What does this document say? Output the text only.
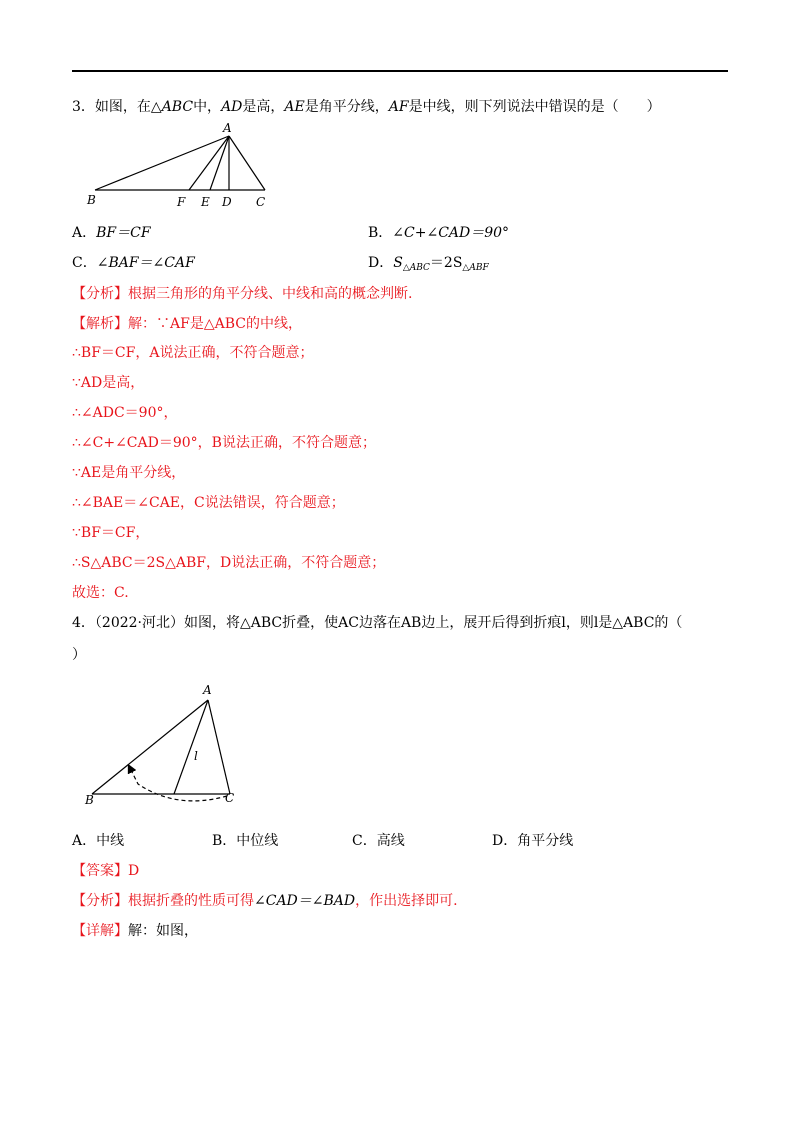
3．如图，在△ABC中，AD是高，AE是角平分线，AF是中线，则下列说法中错误的是（　　）
A
B	F E D C
A．BF＝CF	B．∠C+∠CAD＝90°
C．∠BAF＝∠CAF	D．$S_{\triangle ABC}=2S_{\triangle ABF}$
【分析】根据三角形的角平分线、中线和高的概念判断.
【解析】解：∵AF是△ABC的中线，
∴BF＝CF，A说法正确，不符合题意；
∵AD是高，
∴∠ADC＝90°，
∴∠C+∠CAD＝90°，B说法正确，不符合题意；
∵AE是角平分线，
∴∠BAE＝∠CAE，C说法错误，符合题意；
∵BF＝CF，
∴S△ABC＝2S△ABF，D说法正确，不符合题意；
故选：C.
4．（2022·河北）如图，将△ABC折叠，使AC边落在AB边上，展开后得到折痕l，则l是△ABC的（
）
A
B	C
l
A．中线	B．中位线	C．高线	D．角平分线
【答案】D
【分析】根据折叠的性质可得∠CAD＝∠BAD，作出选择即可.
【详解】解：如图，
